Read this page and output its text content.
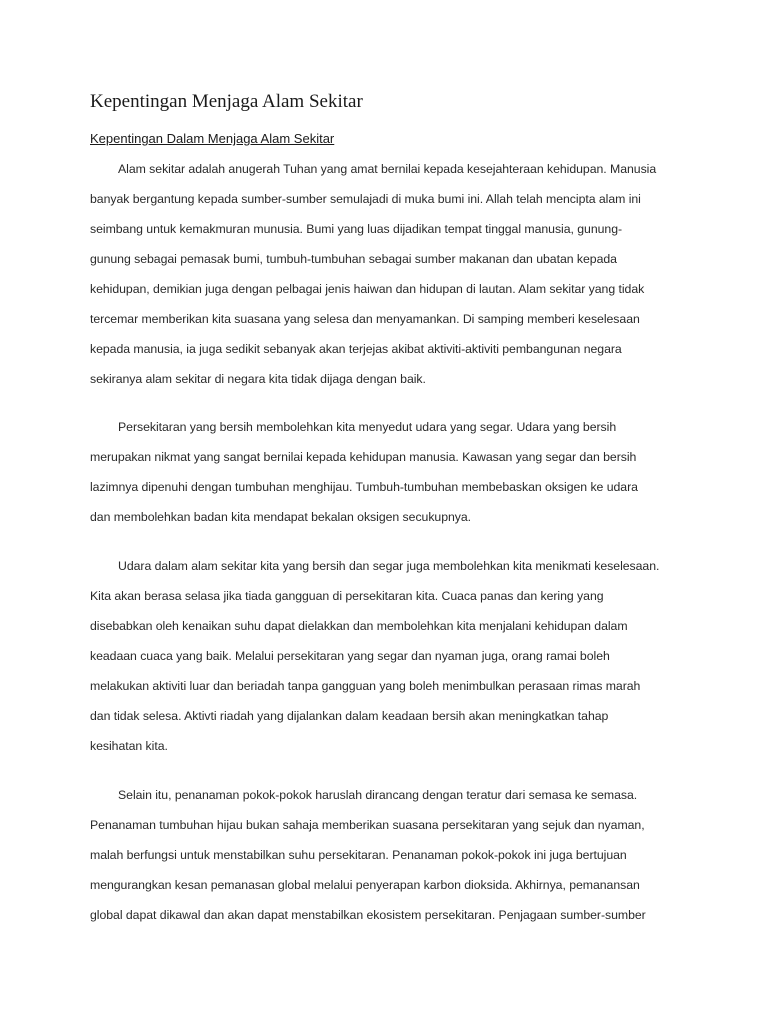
Kepentingan Menjaga Alam Sekitar
Kepentingan Dalam Menjaga Alam Sekitar

Alam sekitar adalah anugerah Tuhan yang amat bernilai kepada kesejahteraan kehidupan. Manusia
banyak bergantung kepada sumber-sumber semulajadi di muka bumi ini. Allah telah mencipta alam ini
seimbang untuk kemakmuran munusia. Bumi yang luas dijadikan tempat tinggal manusia, gunung-
gunung sebagai pemasak bumi, tumbuh-tumbuhan sebagai sumber makanan dan ubatan kepada
kehidupan, demikian juga dengan pelbagai jenis haiwan dan hidupan di lautan. Alam sekitar yang tidak
tercemar memberikan kita suasana yang selesa dan menyamankan. Di samping memberi keselesaan
kepada manusia, ia juga sedikit sebanyak akan terjejas akibat aktiviti-aktiviti pembangunan negara
sekiranya alam sekitar di negara kita tidak dijaga dengan baik.

Persekitaran yang bersih membolehkan kita menyedut udara yang segar. Udara yang bersih
merupakan nikmat yang sangat bernilai kepada kehidupan manusia. Kawasan yang segar dan bersih
lazimnya dipenuhi dengan tumbuhan menghijau. Tumbuh-tumbuhan membebaskan oksigen ke udara
dan membolehkan badan kita mendapat bekalan oksigen secukupnya.

Udara dalam alam sekitar kita yang bersih dan segar juga membolehkan kita menikmati keselesaan.
Kita akan berasa selasa jika tiada gangguan di persekitaran kita. Cuaca panas dan kering yang
disebabkan oleh kenaikan suhu dapat dielakkan dan membolehkan kita menjalani kehidupan dalam
keadaan cuaca yang baik. Melalui persekitaran yang segar dan nyaman juga, orang ramai boleh
melakukan aktiviti luar dan beriadah tanpa gangguan yang boleh menimbulkan perasaan rimas marah
dan tidak selesa. Aktivti riadah yang dijalankan dalam keadaan bersih akan meningkatkan tahap
kesihatan kita.

Selain itu, penanaman pokok-pokok haruslah dirancang dengan teratur dari semasa ke semasa.
Penanaman tumbuhan hijau bukan sahaja memberikan suasana persekitaran yang sejuk dan nyaman,
malah berfungsi untuk menstabilkan suhu persekitaran. Penanaman pokok-pokok ini juga bertujuan
mengurangkan kesan pemanasan global melalui penyerapan karbon dioksida. Akhirnya, pemanansan
global dapat dikawal dan akan dapat menstabilkan ekosistem persekitaran. Penjagaan sumber-sumber
